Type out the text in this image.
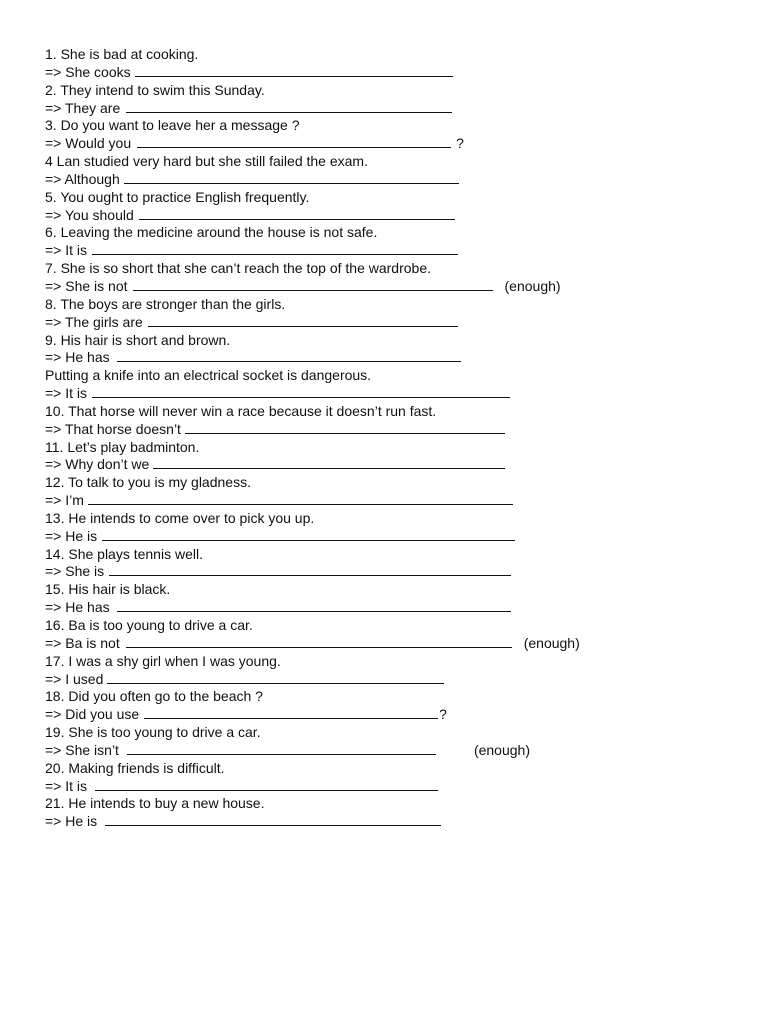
1. She is bad at cooking.
=> She cooks
2. They intend to swim this Sunday.
=> They are
3. Do you want to leave her a message ?
=> Would you	?
4 Lan studied very hard but she still failed the exam.
=> Although
5. You ought to practice English frequently.
=> You should
6. Leaving the medicine around the house is not safe.
=> It is
7. She is so short that she can’t reach the top of the wardrobe.
=> She is not	(enough)
8. The boys are stronger than the girls.
=> The girls are
9. His hair is short and brown.
=> He has
Putting a knife into an electrical socket is dangerous.
=> It is
10. That horse will never win a race because it doesn’t run fast.
=> That horse doesn’t
11. Let’s play badminton.
=> Why don’t we
12. To talk to you is my gladness.
=> I’m
13. He intends to come over to pick you up.
=> He is
14. She plays tennis well.
=> She is
15. His hair is black.
=> He has
16. Ba is too young to drive a car.
=> Ba is not	(enough)
17. I was a shy girl when I was young.
=> I used
18. Did you often go to the beach ?
=> Did you use	?
19. She is too young to drive a car.
=> She isn’t	(enough)
20. Making friends is difficult.
=> It is
21. He intends to buy a new house.
=> He is
